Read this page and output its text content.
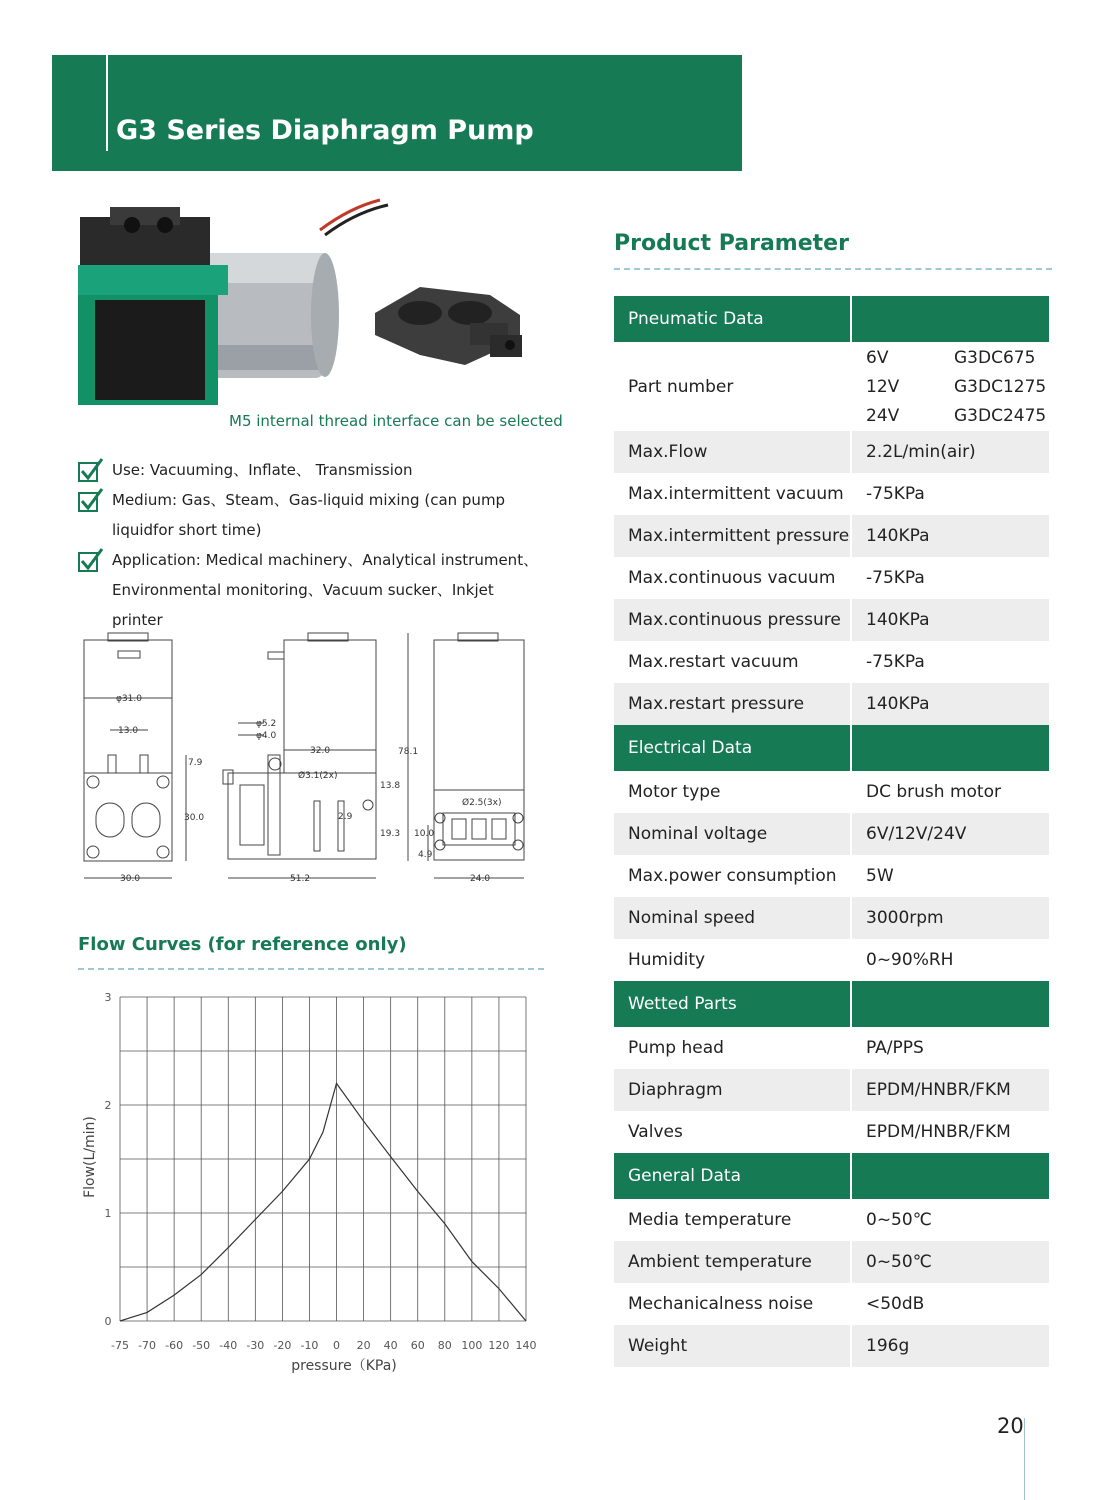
G3 Series Diaphragm Pump
M5 internal thread interface can be selected
Use: Vacuuming、Inflate、 Transmission
Medium: Gas、Steam、Gas-liquid mixing (can pump liquidfor short time)
Application: Medical machinery、Analytical instrument、Environmental monitoring、Vacuum sucker、Inkjet printer
φ31.0
13.0
7.9
30.0
30.0
φ5.2
φ4.0
32.0	78.1
Ø3.1(2x)
13.8
2.9
19.3
51.2
Ø2.5(3x)
10.0
4.9
24.0
Flow Curves (for reference only)
-75 -70 -60 -50 -40 -30 -20 -10 0 20 40 60 80 100 120 140
0
1
2
3
pressure（KPa)
Flow(L/min)
Product Parameter
Pneumatic Data	
Part number	
6V	G3DC675
12V	G3DC1275
24V	G3DC2475

Max.Flow	2.2L/min(air)
Max.intermittent vacuum	-75KPa
Max.intermittent pressure	140KPa
Max.continuous vacuum	-75KPa
Max.continuous pressure	140KPa
Max.restart vacuum	-75KPa
Max.restart pressure	140KPa
Electrical Data	
Motor type	DC brush motor
Nominal voltage	6V/12V/24V
Max.power consumption	5W
Nominal speed	3000rpm
Humidity	0~90%RH
Wetted Parts	
Pump head	PA/PPS
Diaphragm	EPDM/HNBR/FKM
Valves	EPDM/HNBR/FKM
General Data	
Media temperature	0~50℃
Ambient temperature	0~50℃
Mechanicalness noise	<50dB
Weight	196g
20
